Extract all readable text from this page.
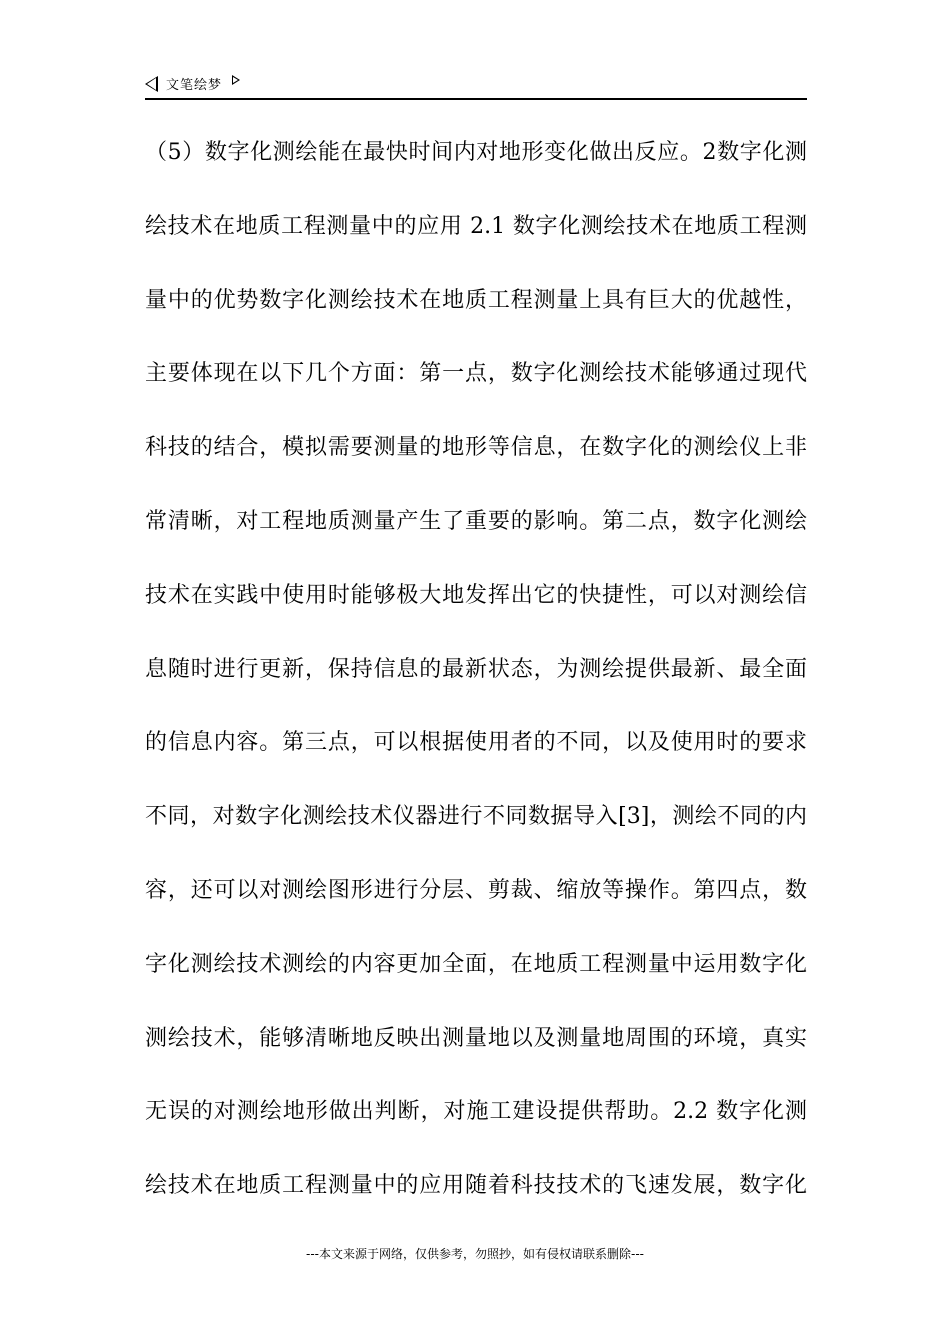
文笔绘梦
（5）数字化测绘能在最快时间内对地形变化做出反应。2数字化测
绘技术在地质工程测量中的应用 2.1 数字化测绘技术在地质工程测
量中的优势数字化测绘技术在地质工程测量上具有巨大的优越性，
主要体现在以下几个方面：第一点，数字化测绘技术能够通过现代
科技的结合，模拟需要测量的地形等信息，在数字化的测绘仪上非
常清晰，对工程地质测量产生了重要的影响。第二点，数字化测绘
技术在实践中使用时能够极大地发挥出它的快捷性，可以对测绘信
息随时进行更新，保持信息的最新状态，为测绘提供最新、最全面
的信息内容。第三点，可以根据使用者的不同，以及使用时的要求
不同，对数字化测绘技术仪器进行不同数据导入[3]，测绘不同的内
容，还可以对测绘图形进行分层、剪裁、缩放等操作。第四点，数
字化测绘技术测绘的内容更加全面，在地质工程测量中运用数字化
测绘技术，能够清晰地反映出测量地以及测量地周围的环境，真实
无误的对测绘地形做出判断，对施工建设提供帮助。2.2 数字化测
绘技术在地质工程测量中的应用随着科技技术的飞速发展，数字化
---本文来源于网络，仅供参考，勿照抄，如有侵权请联系删除---
